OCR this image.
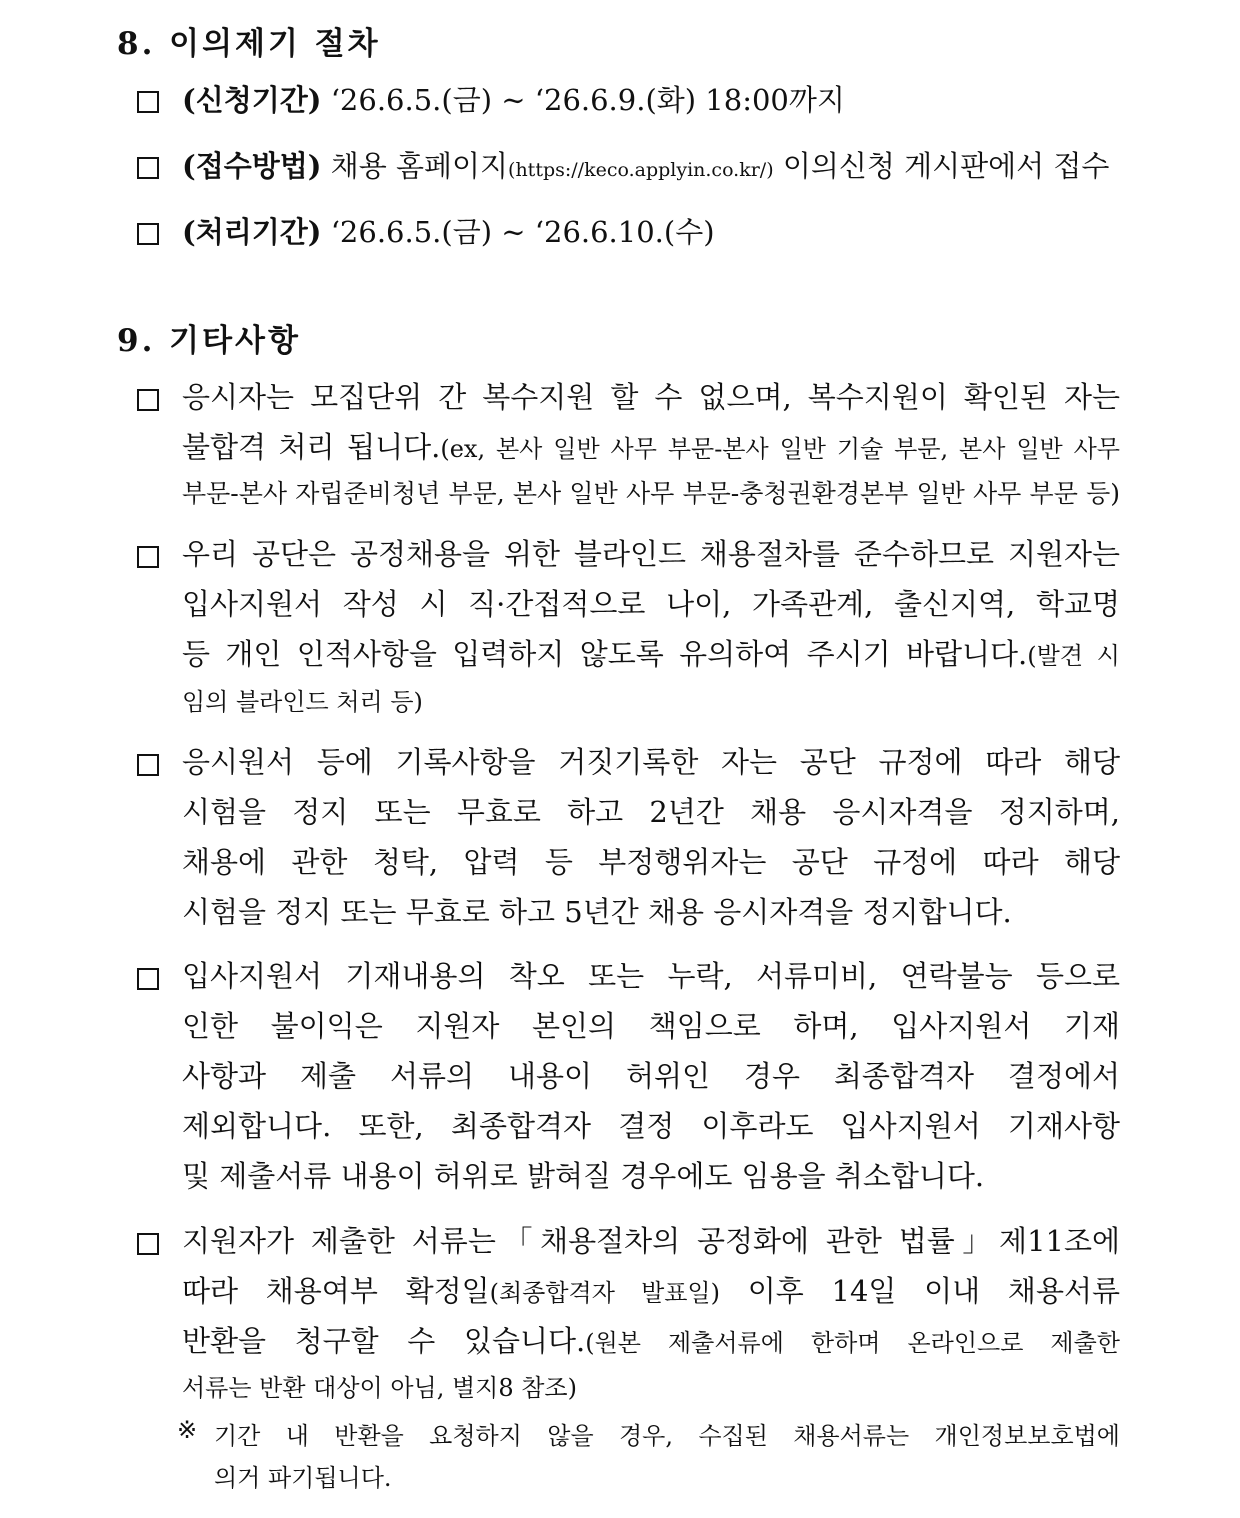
8. 이의제기 절차
(신청기간) ‘26.6.5.(금) ∼ ‘26.6.9.(화) 18:00까지
(접수방법) 채용 홈페이지(https://keco.applyin.co.kr/) 이의신청 게시판에서 접수
(처리기간) ‘26.6.5.(금) ∼ ‘26.6.10.(수)
9. 기타사항
응시자는 모집단위 간 복수지원 할 수 없으며, 복수지원이 확인된 자는
불합격 처리 됩니다.(ex, 본사 일반 사무 부문-본사 일반 기술 부문, 본사 일반 사무
부문-본사 자립준비청년 부문, 본사 일반 사무 부문-충청권환경본부 일반 사무 부문 등)
우리 공단은 공정채용을 위한 블라인드 채용절차를 준수하므로 지원자는
입사지원서 작성 시 직·간접적으로 나이, 가족관계, 출신지역, 학교명
등 개인 인적사항을 입력하지 않도록 유의하여 주시기 바랍니다.(발견 시
임의 블라인드 처리 등)
응시원서 등에 기록사항을 거짓기록한 자는 공단 규정에 따라 해당
시험을 정지 또는 무효로 하고 2년간 채용 응시자격을 정지하며,
채용에 관한 청탁, 압력 등 부정행위자는 공단 규정에 따라 해당
시험을 정지 또는 무효로 하고 5년간 채용 응시자격을 정지합니다.
입사지원서 기재내용의 착오 또는 누락, 서류미비, 연락불능 등으로
인한 불이익은 지원자 본인의 책임으로 하며, 입사지원서 기재
사항과 제출 서류의 내용이 허위인 경우 최종합격자 결정에서
제외합니다. 또한, 최종합격자 결정 이후라도 입사지원서 기재사항
및 제출서류 내용이 허위로 밝혀질 경우에도 임용을 취소합니다.
지원자가 제출한 서류는「채용절차의 공정화에 관한 법률」제11조에
따라 채용여부 확정일(최종합격자 발표일) 이후 14일 이내 채용서류
반환을 청구할 수 있습니다.(원본 제출서류에 한하며 온라인으로 제출한
서류는 반환 대상이 아님, 별지8 참조)
※ 기간 내 반환을 요청하지 않을 경우, 수집된 채용서류는 개인정보보호법에
의거 파기됩니다.
